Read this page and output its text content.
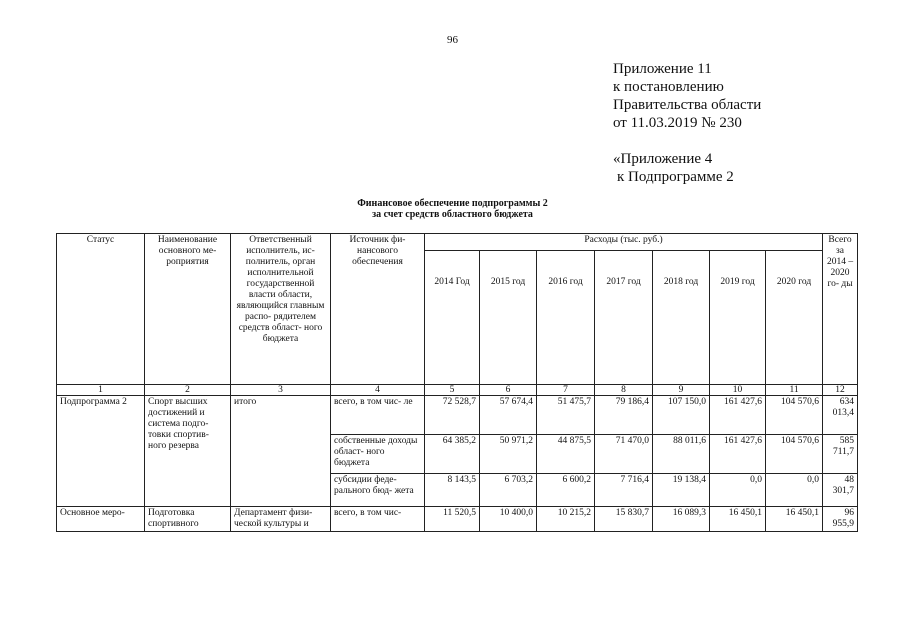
96
Приложение 11
к постановлению
Правительства области
от 11.03.2019 № 230
«Приложение 4
к Подпрограмме 2
Финансовое обеспечение подпрограммы 2
за счет средств областного бюджета
Статус	Наименование основного ме- роприятия	Ответственный исполнитель, ис- полнитель, орган исполнительной государственной власти области, являющийся главным распо- рядителем средств област- ного бюджета	Источник фи- нансового обеспечения	Расходы (тыс. руб.)							Всего за 2014 – 2020 го- ды
				2014 Год	2015 год	2016 год	2017 год	2018 год	2019 год	2020 год	
1	2	3	4	5	6	7	8	9	10	11	12
Подпрограмма 2	Спорт высших достижений и система подго- товки спортив- ного резерва	итого	всего, в том чис- ле	72 528,7	57 674,4	51 475,7	79 186,4	107 150,0	161 427,6	104 570,6	634 013,4
			собственные доходы област- ного бюджета	64 385,2	50 971,2	44 875,5	71 470,0	88 011,6	161 427,6	104 570,6	585 711,7
			субсидии феде- рального бюд- жета	8 143,5	6 703,2	6 600,2	7 716,4	19 138,4	0,0	0,0	48 301,7
Основное меро-	Подготовка спортивного	Департамент физи- ческой культуры и	всего, в том чис-	11 520,5	10 400,0	10 215,2	15 830,7	16 089,3	16 450,1	16 450,1	96 955,9
